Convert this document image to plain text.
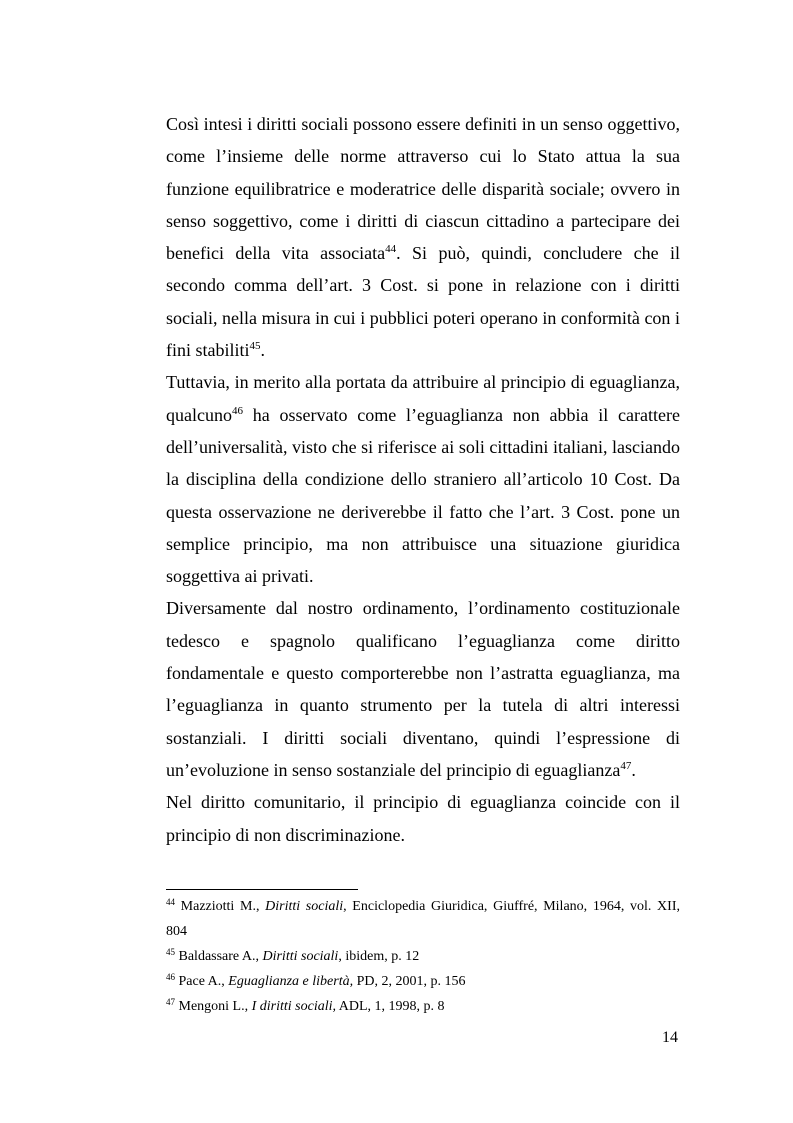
Così intesi i diritti sociali possono essere definiti in un senso oggettivo, come l’insieme delle norme attraverso cui lo Stato attua la sua funzione equilibratrice e moderatrice delle disparità sociale; ovvero in senso soggettivo, come i diritti di ciascun cittadino a partecipare dei benefici della vita associata$^{44}$. Si può, quindi, concludere che il secondo comma dell’art. 3 Cost. si pone in relazione con i diritti sociali, nella misura in cui i pubblici poteri operano in conformità con i fini stabiliti$^{45}$.

Tuttavia, in merito alla portata da attribuire al principio di eguaglianza, qualcuno$^{46}$ ha osservato come l’eguaglianza non abbia il carattere dell’universalità, visto che si riferisce ai soli cittadini italiani, lasciando la disciplina della condizione dello straniero all’articolo 10 Cost. Da questa osservazione ne deriverebbe il fatto che l’art. 3 Cost. pone un semplice principio, ma non attribuisce una situazione giuridica soggettiva ai privati.

Diversamente dal nostro ordinamento, l’ordinamento costituzionale tedesco e spagnolo qualificano l’eguaglianza come diritto fondamentale e questo comporterebbe non l’astratta eguaglianza, ma l’eguaglianza in quanto strumento per la tutela di altri interessi sostanziali. I diritti sociali diventano, quindi l’espressione di un’evoluzione in senso sostanziale del principio di eguaglianza$^{47}$.

Nel diritto comunitario, il principio di eguaglianza coincide con il principio di non discriminazione.

$^{44}$ Mazziotti M., Diritti sociali, Enciclopedia Giuridica, Giuffré, Milano, 1964, vol. XII, 804

$^{45}$ Baldassare A., Diritti sociali, ibidem, p. 12

$^{46}$ Pace A., Eguaglianza e libertà, PD, 2, 2001, p. 156

$^{47}$ Mengoni L., I diritti sociali, ADL, 1, 1998, p. 8

14
